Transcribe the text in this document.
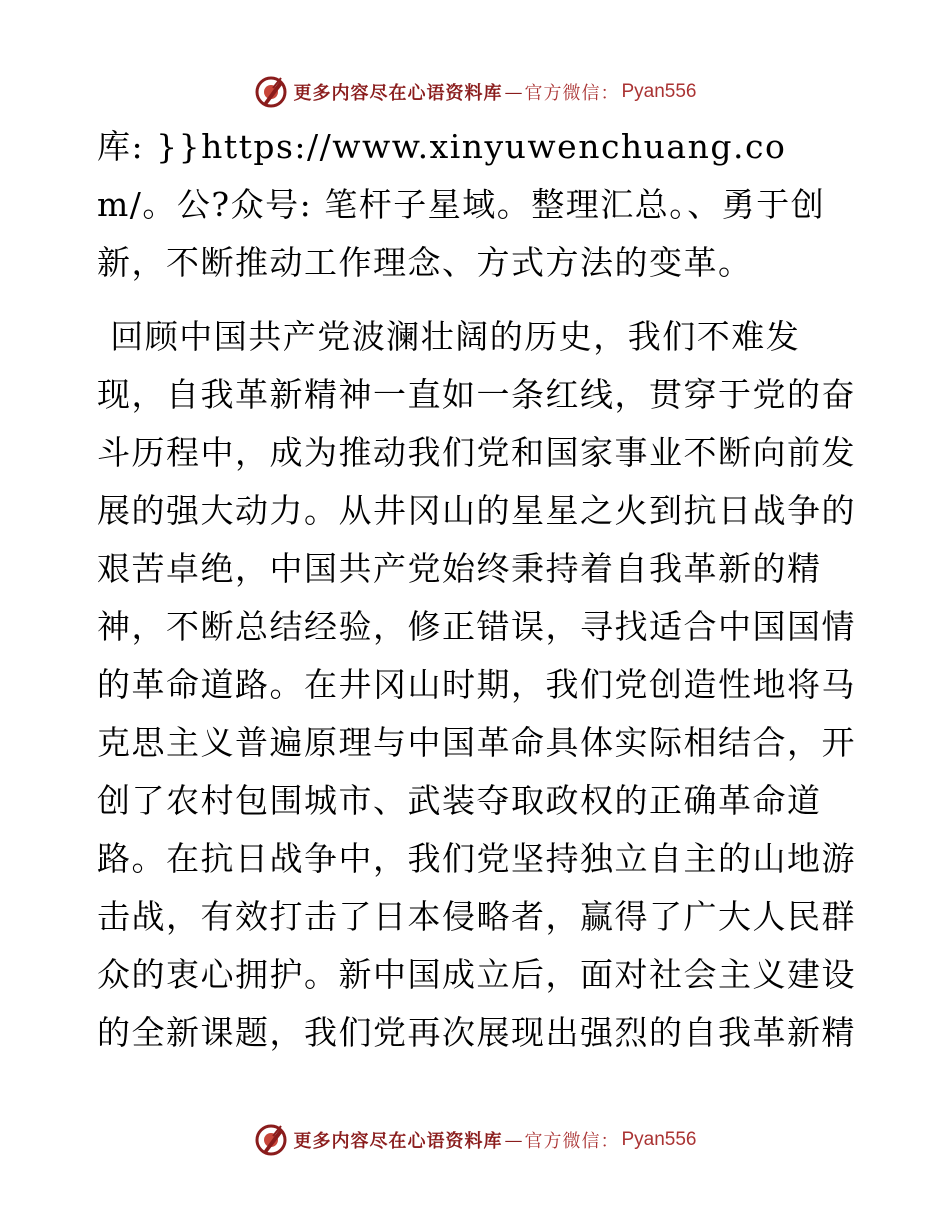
更多内容尽在心语资料库 — 官方微信： Pyan556

库: }}https://www.xinyuwenchuang.com/。公?众号: 笔杆子星域。整理汇总。、勇于创新，不断推动工作理念、方式方法的变革。

回顾中国共产党波澜壮阔的历史，我们不难发现，自我革新精神一直如一条红线，贯穿于党的奋斗历程中，成为推动我们党和国家事业不断向前发展的强大动力。从井冈山的星星之火到抗日战争的艰苦卓绝，中国共产党始终秉持着自我革新的精神，不断总结经验，修正错误，寻找适合中国国情的革命道路。在井冈山时期，我们党创造性地将马克思主义普遍原理与中国革命具体实际相结合，开创了农村包围城市、武装夺取政权的正确革命道路。在抗日战争中，我们党坚持独立自主的山地游击战，有效打击了日本侵略者，赢得了广大人民群众的衷心拥护。新中国成立后，面对社会主义建设的全新课题，我们党再次展现出强烈的自我革新精

更多内容尽在心语资料库 — 官方微信： Pyan556
